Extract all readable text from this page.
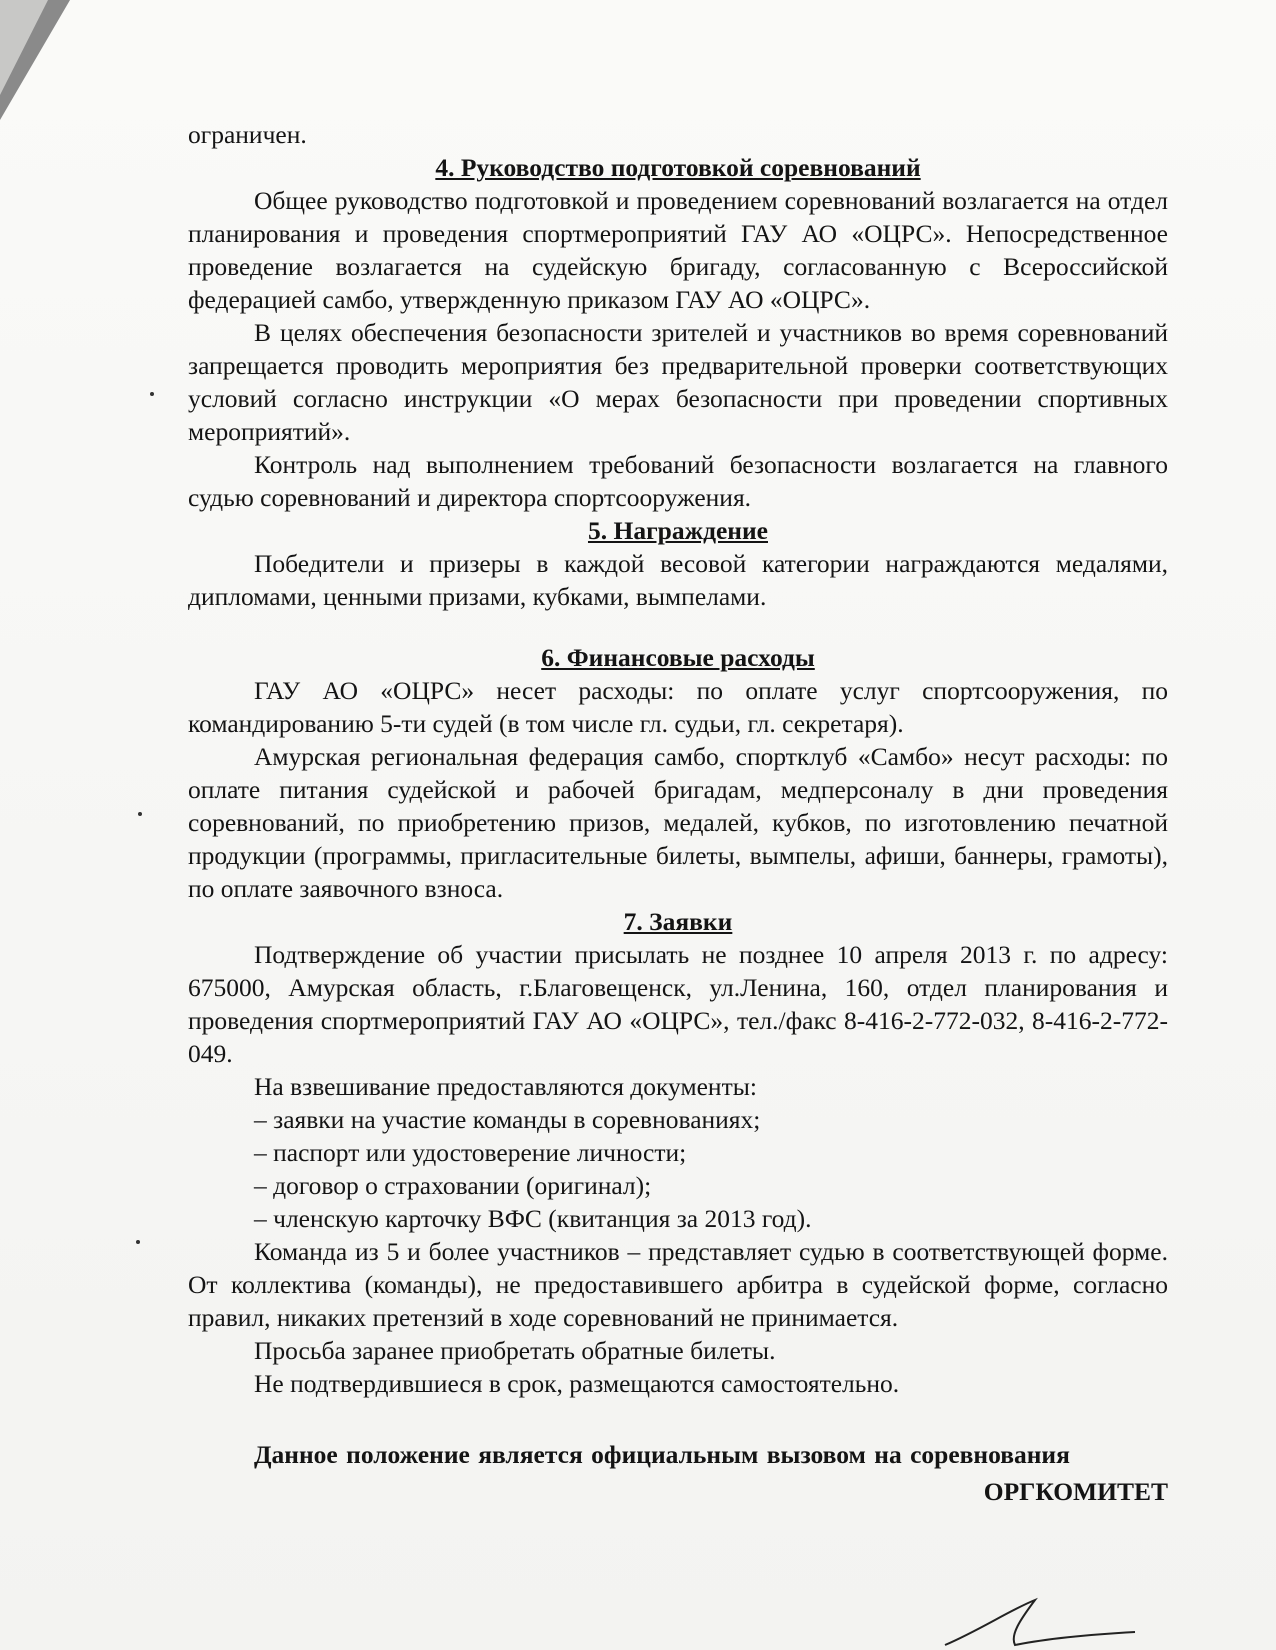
ограничен.

4. Руководство подготовкой соревнований

Общее руководство подготовкой и проведением соревнований возлагается на отдел планирования и проведения спортмероприятий ГАУ АО «ОЦРС». Непосредственное проведение возлагается на судейскую бригаду, согласованную с Всероссийской федерацией самбо, утвержденную приказом ГАУ АО «ОЦРС».

В целях обеспечения безопасности зрителей и участников во время соревнований запрещается проводить мероприятия без предварительной проверки соответствующих условий согласно инструкции «О мерах безопасности при проведении спортивных мероприятий».

Контроль над выполнением требований безопасности возлагается на главного судью соревнований и директора спортсооружения.

5. Награждение

Победители и призеры в каждой весовой категории награждаются медалями, дипломами, ценными призами, кубками, вымпелами.

6. Финансовые расходы

ГАУ АО «ОЦРС» несет расходы: по оплате услуг спортсооружения, по командированию 5-ти судей (в том числе гл. судьи, гл. секретаря).

Амурская региональная федерация самбо, спортклуб «Самбо» несут расходы: по оплате питания судейской и рабочей бригадам, медперсоналу в дни проведения соревнований, по приобретению призов, медалей, кубков, по изготовлению печатной продукции (программы, пригласительные билеты, вымпелы, афиши, баннеры, грамоты), по оплате заявочного взноса.

7. Заявки

Подтверждение об участии присылать не позднее 10 апреля 2013 г. по адресу: 675000, Амурская область, г.Благовещенск, ул.Ленина, 160, отдел планирования и проведения спортмероприятий ГАУ АО «ОЦРС», тел./факс 8-416-2-772-032, 8-416-2-772-049.

На взвешивание предоставляются документы:

– заявки на участие команды в соревнованиях;

– паспорт или удостоверение личности;

– договор о страховании (оригинал);

– членскую карточку ВФС (квитанция за 2013 год).

Команда из 5 и более участников – представляет судью в соответствующей форме. От коллектива (команды), не предоставившего арбитра в судейской форме, согласно правил, никаких претензий в ходе соревнований не принимается.

Просьба заранее приобретать обратные билеты.

Не подтвердившиеся в срок, размещаются самостоятельно.

Данное положение является официальным вызовом на соревнования

ОРГКОМИТЕТ
